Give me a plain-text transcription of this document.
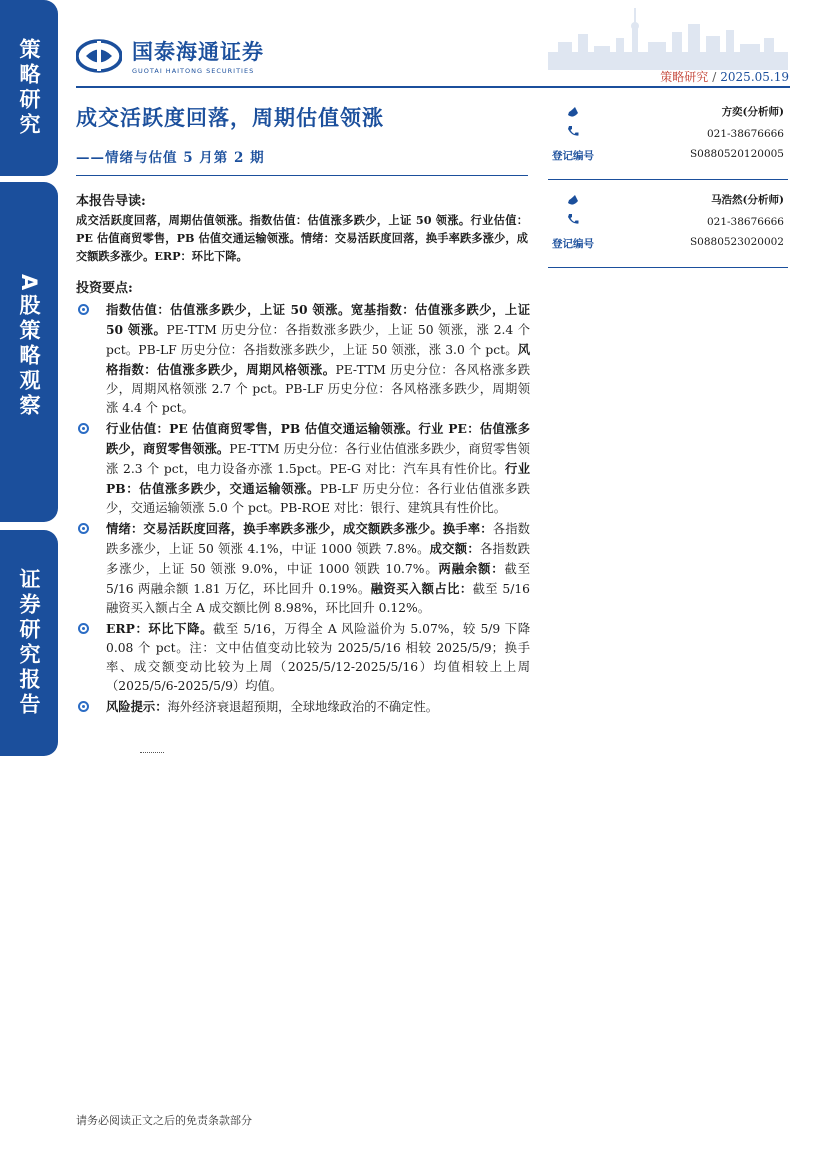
策略研究
A股策略观察
证券研究报告
国泰海通证券
GUOTAI HAITONG SECURITIES	策略研究 / 2025.05.19
成交活跃度回落，周期估值领涨
——情绪与估值 5 月第 2 期
方奕(分析师)
021-38676666
登记编号	S0880520120005
马浩然(分析师)
021-38676666
登记编号	S0880523020002
本报告导读:
成交活跃度回落，周期估值领涨。指数估值：估值涨多跌少，上证 50 领涨。行业估值：PE 估值商贸零售，PB 估值交通运输领涨。情绪：交易活跃度回落，换手率跌多涨少，成交额跌多涨少。ERP：环比下降。
投资要点:
指数估值：估值涨多跌少，上证 50 领涨。宽基指数：估值涨多跌少，上证 50 领涨。PE-TTM 历史分位：各指数涨多跌少，上证 50 领涨，涨 2.4 个 pct。PB-LF 历史分位：各指数涨多跌少，上证 50 领涨，涨 3.0 个 pct。风格指数：估值涨多跌少，周期风格领涨。PE-TTM 历史分位：各风格涨多跌少，周期风格领涨 2.7 个 pct。PB-LF 历史分位：各风格涨多跌少，周期领涨 4.4 个 pct。
行业估值：PE 估值商贸零售，PB 估值交通运输领涨。行业 PE：估值涨多跌少，商贸零售领涨。PE-TTM 历史分位：各行业估值涨多跌少，商贸零售领涨 2.3 个 pct，电力设备亦涨 1.5pct。PE-G 对比：汽车具有性价比。行业 PB：估值涨多跌少，交通运输领涨。PB-LF 历史分位：各行业估值涨多跌少，交通运输领涨 5.0 个 pct。PB-ROE 对比：银行、建筑具有性价比。
情绪：交易活跃度回落，换手率跌多涨少，成交额跌多涨少。换手率：各指数跌多涨少，上证 50 领涨 4.1%，中证 1000 领跌 7.8%。成交额：各指数跌多涨少，上证 50 领涨 9.0%，中证 1000 领跌 10.7%。两融余额：截至 5/16 两融余额 1.81 万亿，环比回升 0.19%。融资买入额占比：截至 5/16 融资买入额占全 A 成交额比例 8.98%，环比回升 0.12%。
ERP：环比下降。截至 5/16，万得全 A 风险溢价为 5.07%，较 5/9 下降 0.08 个 pct。注：文中估值变动比较为 2025/5/16 相较 2025/5/9；换手率、成交额变动比较为上周（2025/5/12-2025/5/16）均值相较上上周（2025/5/6-2025/5/9）均值。
风险提示：海外经济衰退超预期，全球地缘政治的不确定性。
请务必阅读正文之后的免责条款部分
